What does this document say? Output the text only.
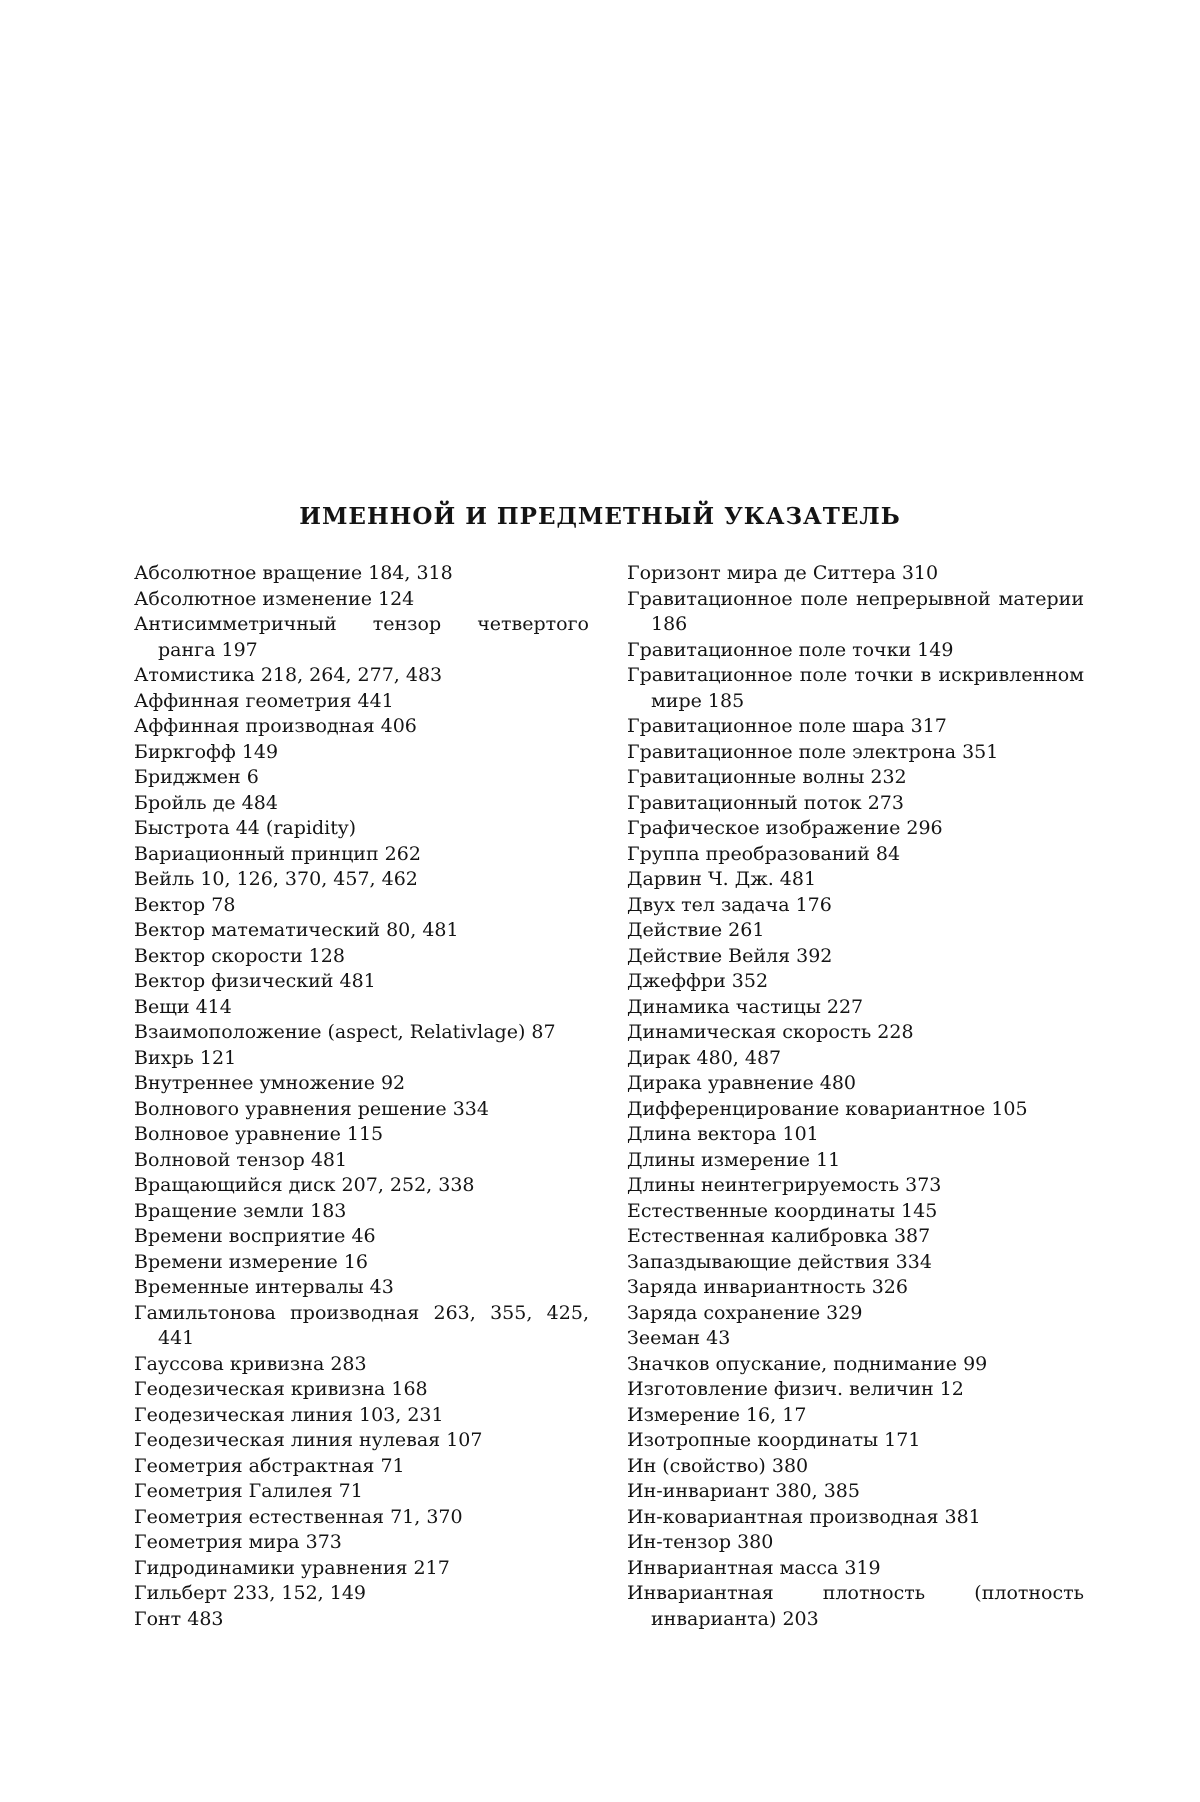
ИМЕННОЙ И ПРЕДМЕТНЫЙ УКАЗАТЕЛЬ
Абсолютное вращение 184, 318
Абсолютное изменение 124
Антисимметричный тензор четвертого ранга 197
Атомистика 218, 264, 277, 483
Аффинная геометрия 441
Аффинная производная 406
Биркгофф 149
Бриджмен 6
Бройль де 484
Быстрота 44 (rapidity)
Вариационный принцип 262
Вейль 10, 126, 370, 457, 462
Вектор 78
Вектор математический 80, 481
Вектор скорости 128
Вектор физический 481
Вещи 414
Взаимоположение (aspect, Relativlage) 87
Вихрь 121
Внутреннее умножение 92
Волнового уравнения решение 334
Волновое уравнение 115
Волновой тензор 481
Вращающийся диск 207, 252, 338
Вращение земли 183
Времени восприятие 46
Времени измерение 16
Временные интервалы 43
Гамильтонова производная 263, 355, 425, 441
Гауссова кривизна 283
Геодезическая кривизна 168
Геодезическая линия 103, 231
Геодезическая линия нулевая 107
Геометрия абстрактная 71
Геометрия Галилея 71
Геометрия естественная 71, 370
Геометрия мира 373
Гидродинамики уравнения 217
Гильберт 233, 152, 149
Гонт 483
Горизонт мира де Ситтера 310
Гравитационное поле непрерывной материи 186
Гравитационное поле точки 149
Гравитационное поле точки в искривленном мире 185
Гравитационное поле шара 317
Гравитационное поле электрона 351
Гравитационные волны 232
Гравитационный поток 273
Графическое изображение 296
Группа преобразований 84
Дарвин Ч. Дж. 481
Двух тел задача 176
Действие 261
Действие Вейля 392
Джеффри 352
Динамика частицы 227
Динамическая скорость 228
Дирак 480, 487
Дирака уравнение 480
Дифференцирование ковариантное 105
Длина вектора 101
Длины измерение 11
Длины неинтегрируемость 373
Естественные координаты 145
Естественная калибровка 387
Запаздывающие действия 334
Заряда инвариантность 326
Заряда сохранение 329
Зееман 43
Значков опускание, поднимание 99
Изготовление физич. величин 12
Измерение 16, 17
Изотропные координаты 171
Ин (свойство) 380
Ин-инвариант 380, 385
Ин-ковариантная производная 381
Ин-тензор 380
Инвариантная масса 319
Инвариантная плотность (плотность инварианта) 203
